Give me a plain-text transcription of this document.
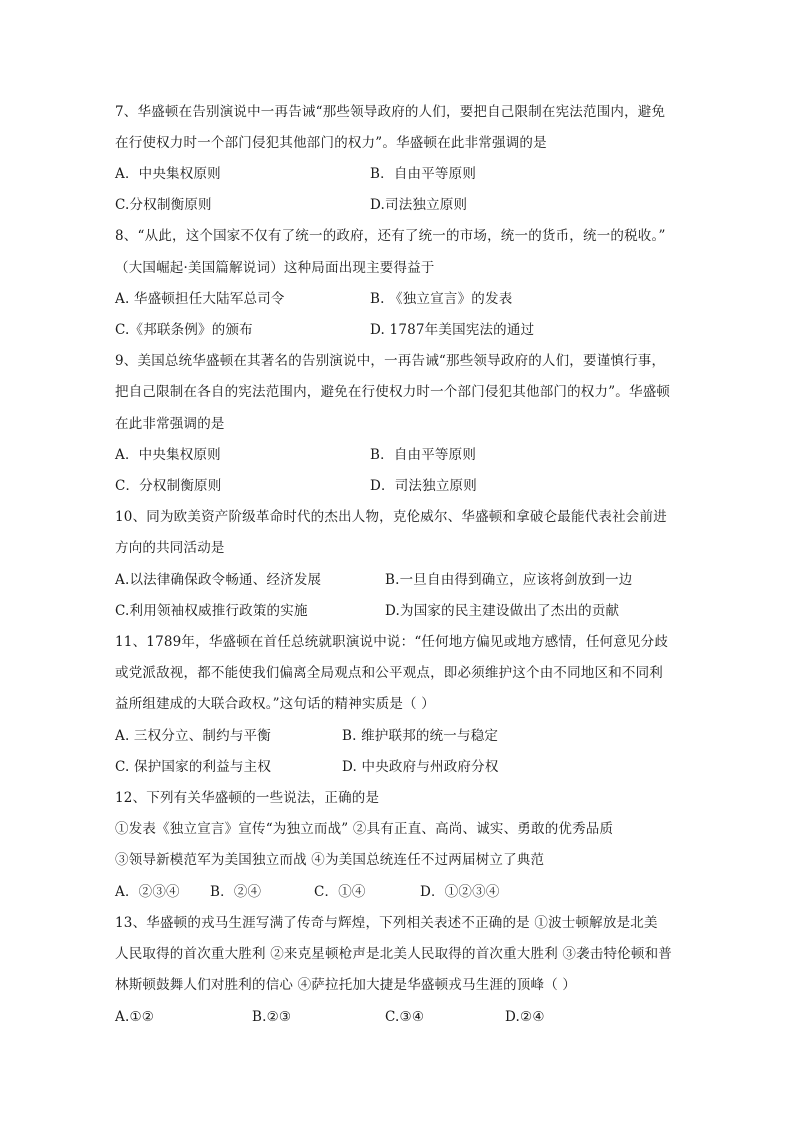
7、华盛顿在告别演说中一再告诫“那些领导政府的人们，要把自己限制在宪法范围内，避免
在行使权力时一个部门侵犯其他部门的权力”。华盛顿在此非常强调的是
A．中央集权原则	B．自由平等原则
C.分权制衡原则	D.司法独立原则
8、“从此，这个国家不仅有了统一的政府，还有了统一的市场，统一的货币，统一的税收。”
（大国崛起·美国篇解说词）这种局面出现主要得益于
A. 华盛顿担任大陆军总司令	B. 《独立宣言》的发表
C.《邦联条例》的颁布	D. 1787年美国宪法的通过
9、美国总统华盛顿在其著名的告别演说中，一再告诫“那些领导政府的人们，要谨慎行事，
把自己限制在各自的宪法范围内，避免在行使权力时一个部门侵犯其他部门的权力”。华盛顿
在此非常强调的是
A．中央集权原则	B．自由平等原则
C．分权制衡原则	D．司法独立原则
10、同为欧美资产阶级革命时代的杰出人物，克伦威尔、华盛顿和拿破仑最能代表社会前进
方向的共同活动是
A.以法律确保政令畅通、经济发展	B.一旦自由得到确立，应该将剑放到一边
C.利用领袖权威推行政策的实施	D.为国家的民主建设做出了杰出的贡献
11、1789年，华盛顿在首任总统就职演说中说：“任何地方偏见或地方感情，任何意见分歧
或党派敌视，都不能使我们偏离全局观点和公平观点，即必须维护这个由不同地区和不同利
益所组建成的大联合政权。”这句话的精神实质是（ ）
A. 三权分立、制约与平衡	B. 维护联邦的统一与稳定
C. 保护国家的利益与主权	D. 中央政府与州政府分权
12、下列有关华盛顿的一些说法，正确的是
①发表《独立宣言》宣传“为独立而战” ②具有正直、高尚、诚实、勇敢的优秀品质
③领导新模范军为美国独立而战 ④为美国总统连任不过两届树立了典范
A．②③④ B．②④	C．①④	D．①②③④
13、华盛顿的戎马生涯写满了传奇与辉煌，下列相关表述不正确的是 ①波士顿解放是北美
人民取得的首次重大胜利 ②来克星顿枪声是北美人民取得的首次重大胜利 ③袭击特伦顿和普
林斯顿鼓舞人们对胜利的信心 ④萨拉托加大捷是华盛顿戎马生涯的顶峰（ ）
A.①②	B.②③	C.③④	D.②④
